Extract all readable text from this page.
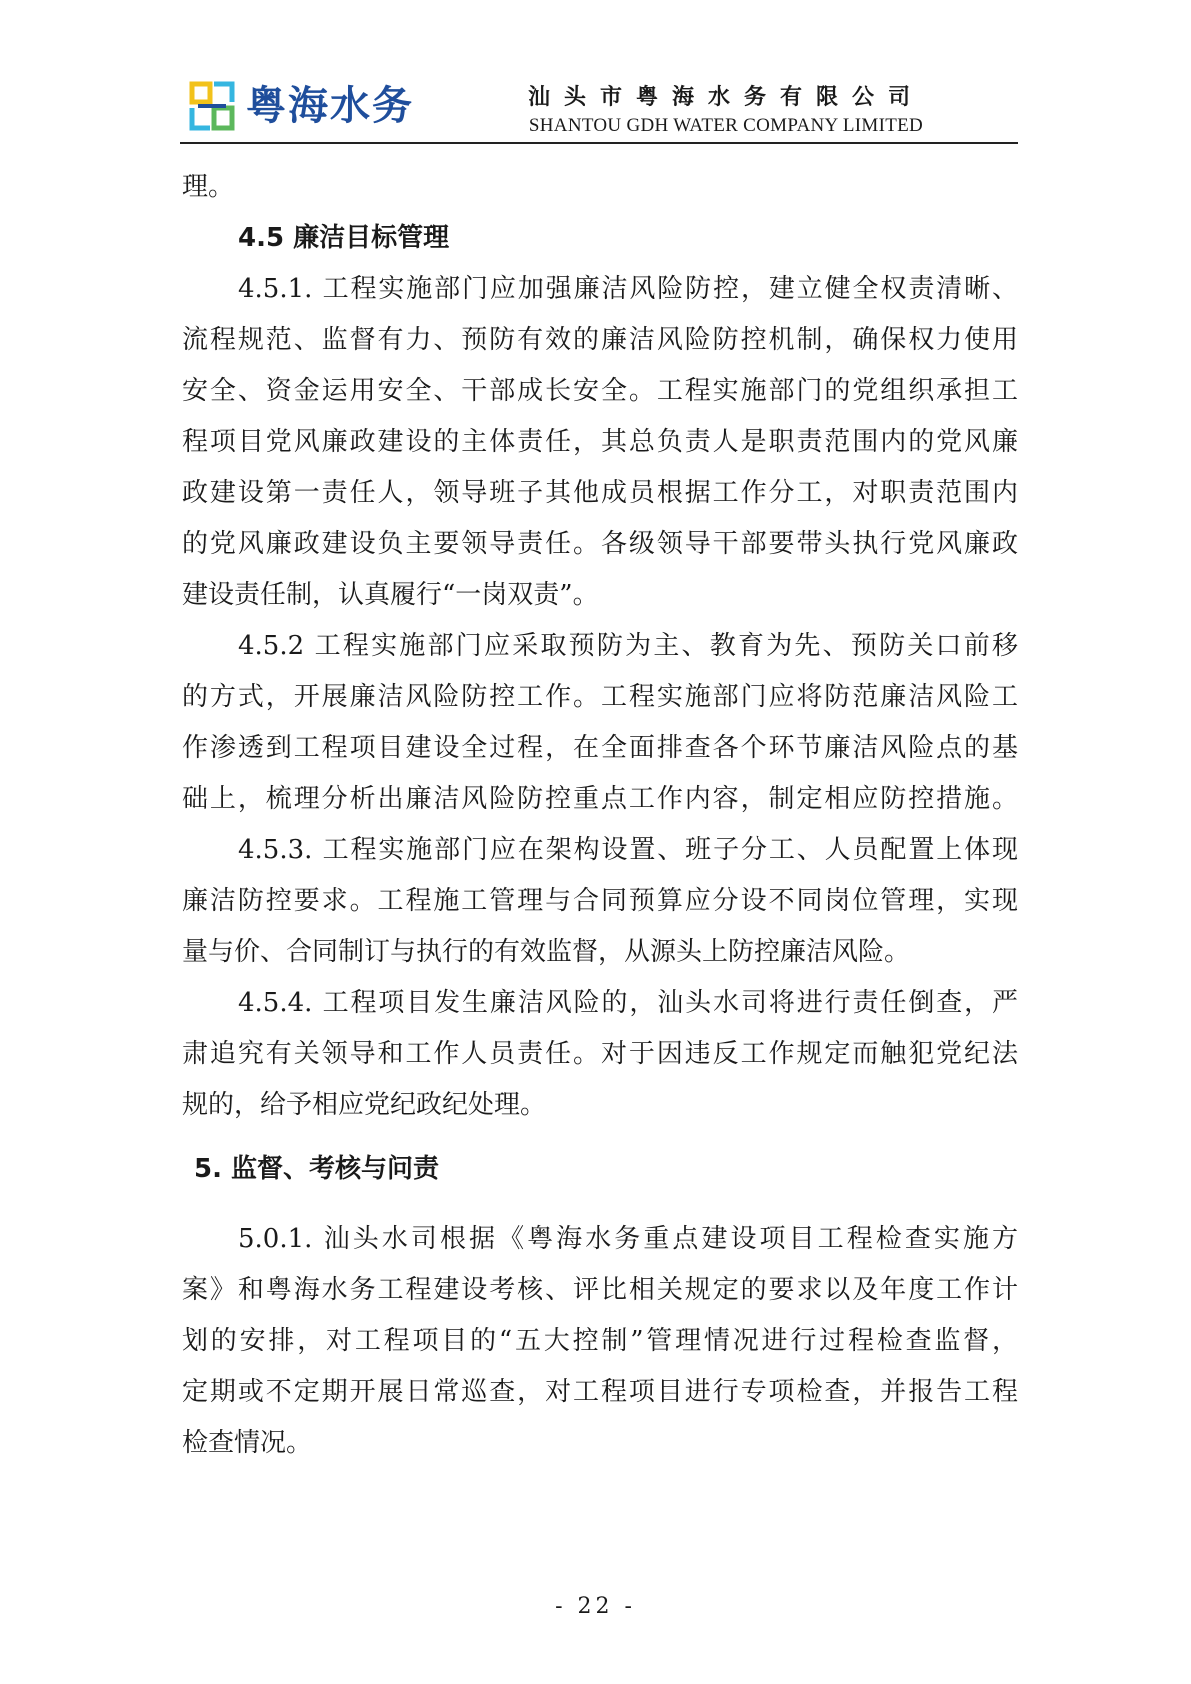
粤海水务	汕头市粤海水务有限公司
SHANTOU GDH WATER COMPANY LIMITED
理。
4.5 廉洁目标管理
4.5.1. 工程实施部门应加强廉洁风险防控，建立健全权责清晰、
流程规范、监督有力、预防有效的廉洁风险防控机制，确保权力使用
安全、资金运用安全、干部成长安全。工程实施部门的党组织承担工
程项目党风廉政建设的主体责任，其总负责人是职责范围内的党风廉
政建设第一责任人，领导班子其他成员根据工作分工，对职责范围内
的党风廉政建设负主要领导责任。各级领导干部要带头执行党风廉政
建设责任制，认真履行“一岗双责”。
4.5.2 工程实施部门应采取预防为主、教育为先、预防关口前移
的方式，开展廉洁风险防控工作。工程实施部门应将防范廉洁风险工
作渗透到工程项目建设全过程，在全面排查各个环节廉洁风险点的基
础上，梳理分析出廉洁风险防控重点工作内容，制定相应防控措施。
4.5.3. 工程实施部门应在架构设置、班子分工、人员配置上体现
廉洁防控要求。工程施工管理与合同预算应分设不同岗位管理，实现
量与价、合同制订与执行的有效监督，从源头上防控廉洁风险。
4.5.4. 工程项目发生廉洁风险的，汕头水司将进行责任倒查，严
肃追究有关领导和工作人员责任。对于因违反工作规定而触犯党纪法
规的，给予相应党纪政纪处理。
5. 监督、考核与问责
5.0.1. 汕头水司根据《粤海水务重点建设项目工程检查实施方
案》和粤海水务工程建设考核、评比相关规定的要求以及年度工作计
划的安排，对工程项目的“五大控制”管理情况进行过程检查监督，
定期或不定期开展日常巡查，对工程项目进行专项检查，并报告工程
检查情况。
- 22 -
